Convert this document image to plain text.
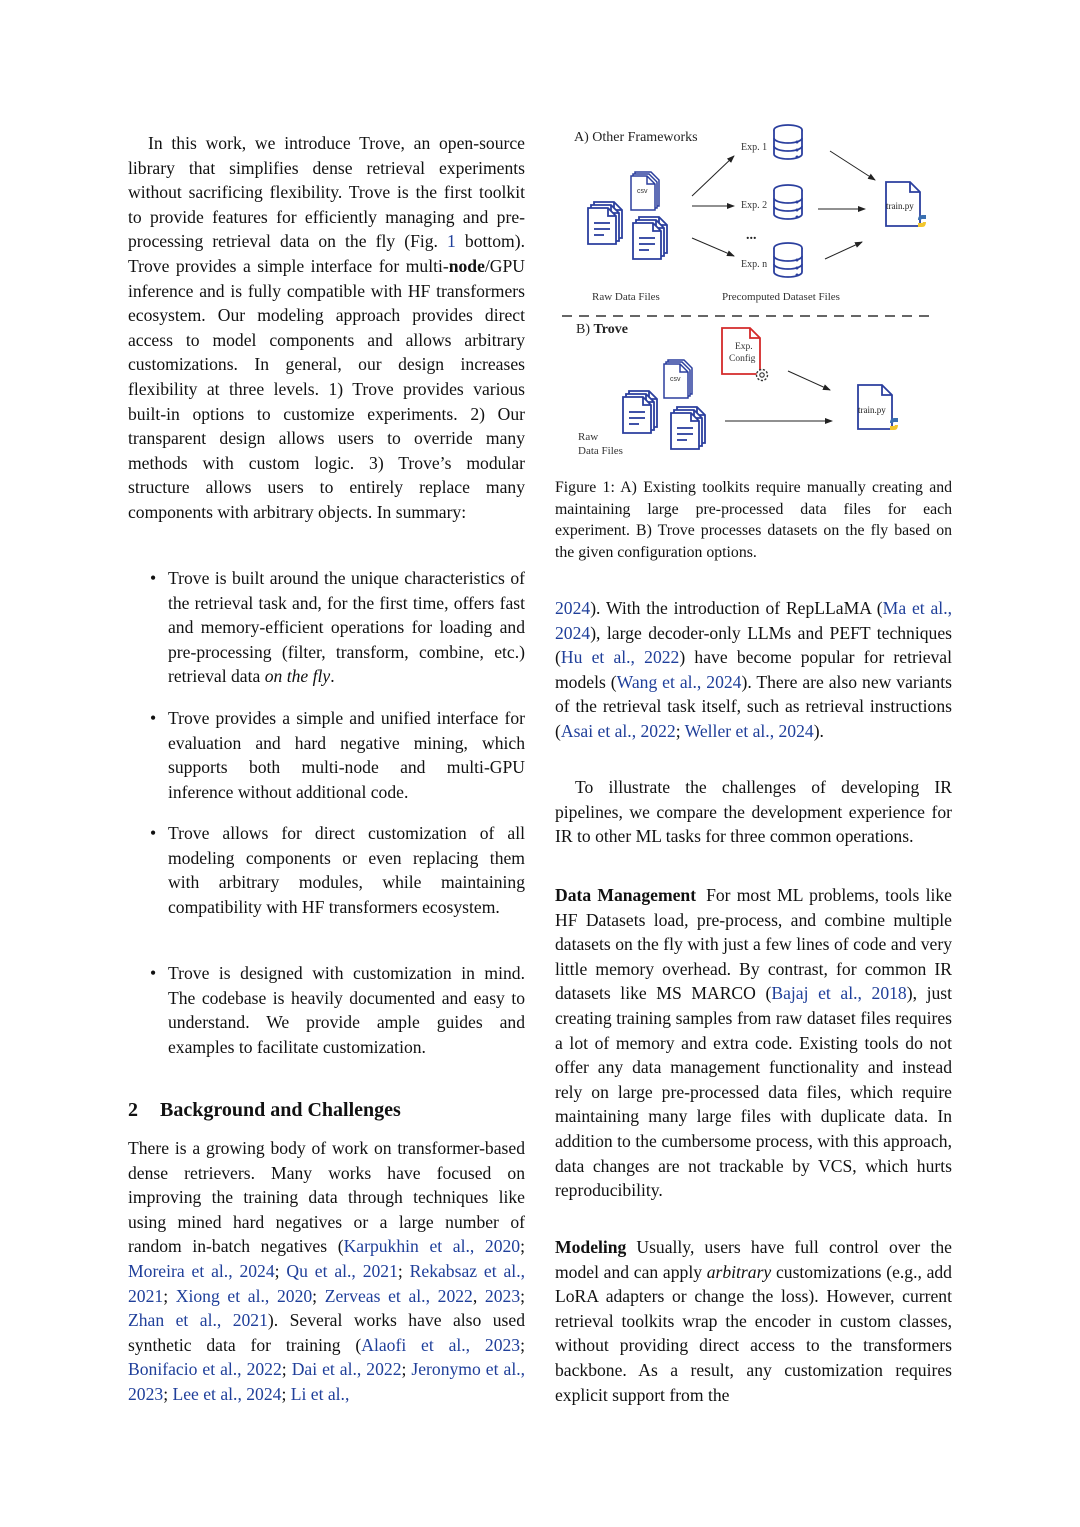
In this work, we introduce Trove, an open-source library that simplifies dense retrieval experiments without sacrificing flexibility. Trove is the first toolkit to provide features for efficiently managing and pre-processing retrieval data on the fly (Fig. 1 bottom). Trove provides a simple interface for multi-node/GPU inference and is fully compatible with HF transformers ecosystem. Our modeling approach provides direct access to model components and allows arbitrary customizations. In general, our design increases flexibility at three levels. 1) Trove provides various built-in options to customize experiments. 2) Our transparent design allows users to override many methods with custom logic. 3) Trove’s modular structure allows users to entirely replace many components with arbitrary objects. In summary:

• Trove is built around the unique characteristics of the retrieval task and, for the first time, offers fast and memory-efficient operations for loading and pre-processing (filter, transform, combine, etc.) retrieval data on the fly.
• Trove provides a simple and unified interface for evaluation and hard negative mining, which supports both multi-node and multi-GPU inference without additional code.
• Trove allows for direct customization of all modeling components or even replacing them with arbitrary modules, while maintaining compatibility with HF transformers ecosystem.
• Trove is designed with customization in mind. The codebase is heavily documented and easy to understand. We provide ample guides and examples to facilitate customization.
2 Background and Challenges

There is a growing body of work on transformer-based dense retrievers. Many works have focused on improving the training data through techniques like using mined hard negatives or a large number of random in-batch negatives (Karpukhin et al., 2020; Moreira et al., 2024; Qu et al., 2021; Rekabsaz et al., 2021; Xiong et al., 2020; Zerveas et al., 2022, 2023; Zhan et al., 2021). Several works have also used synthetic data for training (Alaofi et al., 2023; Bonifacio et al., 2022; Dai et al., 2022; Jeronymo et al., 2023; Lee et al., 2024; Li et al.,

A) Other Frameworks
csv
Exp. 1
Exp. 2
...
Exp. n
train.py
Raw Data Files	Precomputed Dataset Files
B) Trove
Exp.
Config
csv
train.py
Raw
Data Files

Figure 1: A) Existing toolkits require manually creating and maintaining large pre-processed data files for each experiment. B) Trove processes datasets on the fly based on the given configuration options.

2024). With the introduction of RepLLaMA (Ma et al., 2024), large decoder-only LLMs and PEFT techniques (Hu et al., 2022) have become popular for retrieval models (Wang et al., 2024). There are also new variants of the retrieval task itself, such as retrieval instructions (Asai et al., 2022; Weller et al., 2024).

To illustrate the challenges of developing IR pipelines, we compare the development experience for IR to other ML tasks for three common operations.

Data Management For most ML problems, tools like HF Datasets load, pre-process, and combine multiple datasets on the fly with just a few lines of code and very little memory overhead. By contrast, for common IR datasets like MS MARCO (Bajaj et al., 2018), just creating training samples from raw dataset files requires a lot of memory and extra code. Existing tools do not offer any data management functionality and instead rely on large pre-processed data files, which require maintaining many large files with duplicate data. In addition to the cumbersome process, with this approach, data changes are not trackable by VCS, which hurts reproducibility.

Modeling Usually, users have full control over the model and can apply arbitrary customizations (e.g., add LoRA adapters or change the loss). However, current retrieval toolkits wrap the encoder in custom classes, without providing direct access to the transformers backbone. As a result, any customization requires explicit support from the
